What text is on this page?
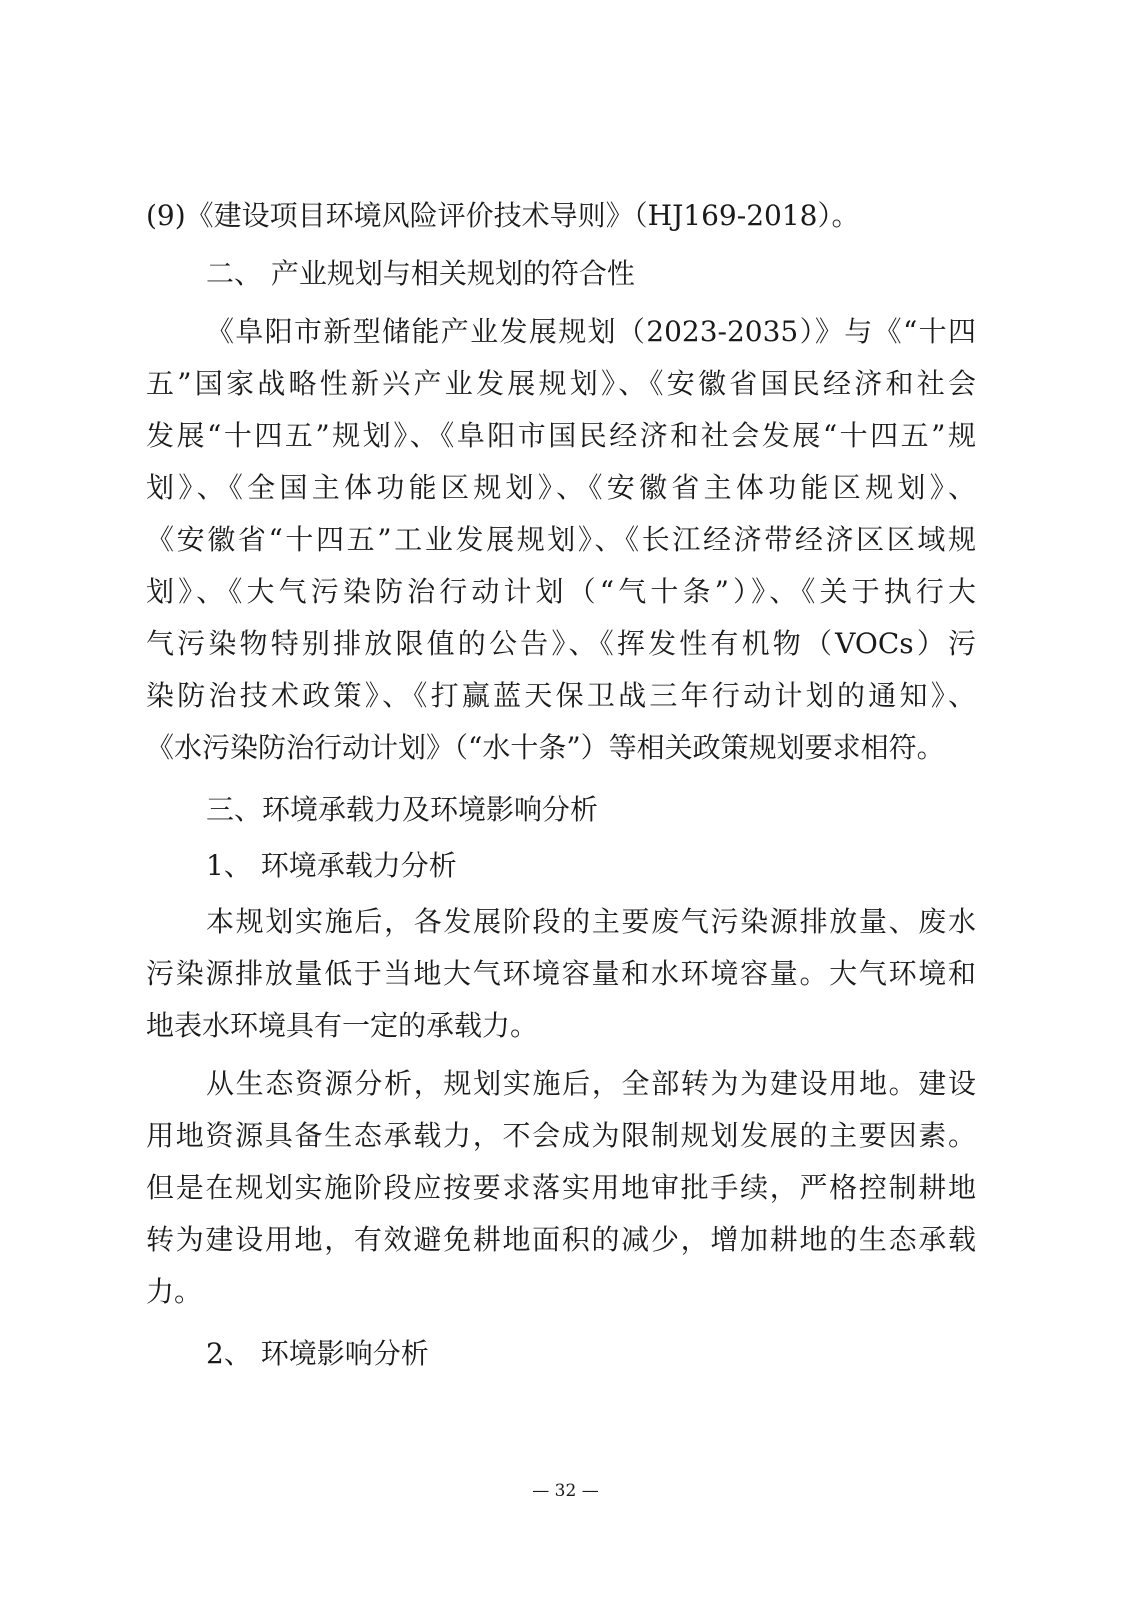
(9)《建设项目环境风险评价技术导则》（HJ169-2018）。
二、 产业规划与相关规划的符合性
《阜阳市新型储能产业发展规划（2023-2035）》与《“十四
五”国家战略性新兴产业发展规划》、《安徽省国民经济和社会
发展“十四五”规划》、《阜阳市国民经济和社会发展“十四五”规
划》、《全国主体功能区规划》、《安徽省主体功能区规划》、
《安徽省“十四五”工业发展规划》、《长江经济带经济区区域规
划》、《大气污染防治行动计划（“气十条”）》、《关于执行大
气污染物特别排放限值的公告》、《挥发性有机物（VOCs）污
染防治技术政策》、《打赢蓝天保卫战三年行动计划的通知》、
《水污染防治行动计划》（“水十条”）等相关政策规划要求相符。
三、环境承载力及环境影响分析
1、 环境承载力分析
本规划实施后，各发展阶段的主要废气污染源排放量、废水
污染源排放量低于当地大气环境容量和水环境容量。大气环境和
地表水环境具有一定的承载力。
从生态资源分析，规划实施后，全部转为为建设用地。建设
用地资源具备生态承载力，不会成为限制规划发展的主要因素。
但是在规划实施阶段应按要求落实用地审批手续，严格控制耕地
转为建设用地，有效避免耕地面积的减少，增加耕地的生态承载
力。
2、 环境影响分析
— 32 —
